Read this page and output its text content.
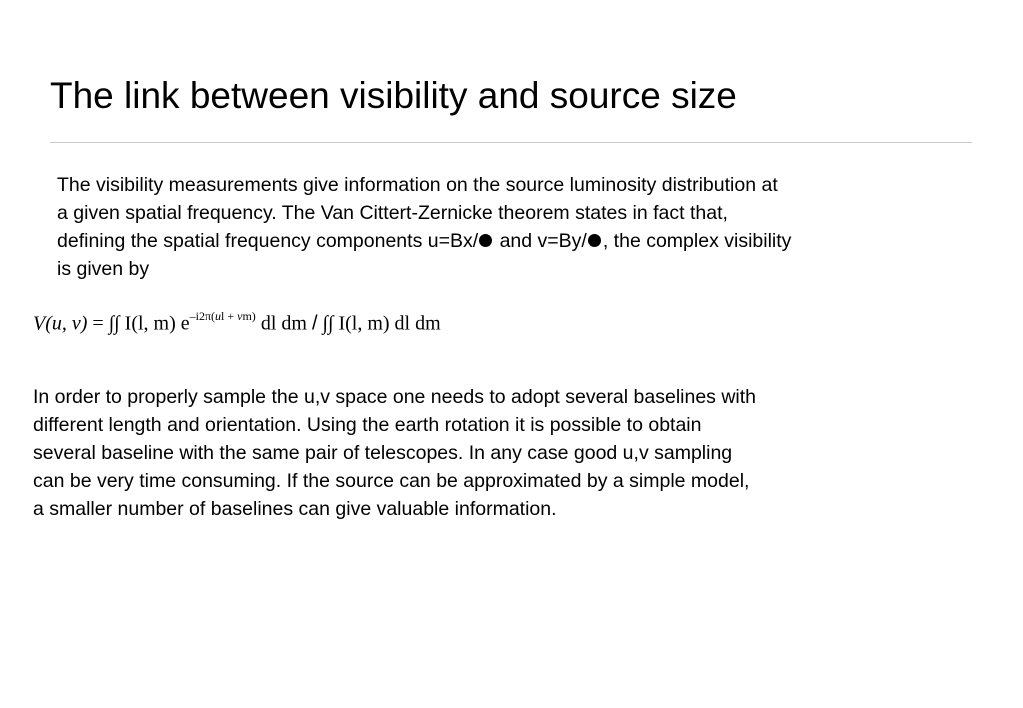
The link between visibility and source size

The visibility measurements give information on the source luminosity distribution at
a given spatial frequency. The Van Cittert-Zernicke theorem states in fact that,
defining the spatial frequency components u=Bx/ and v=By/ , the complex visibility
is given by

V(u, v) = ∫∫ I(l, m) $e^{-i2\pi(ul + vm)}$ dl dm / ∫∫ I(l, m) dl dm

In order to properly sample the u,v space one needs to adopt several baselines with
different length and orientation. Using the earth rotation it is possible to obtain
several baseline with the same pair of telescopes. In any case good u,v sampling
can be very time consuming. If the source can be approximated by a simple model,
a smaller number of baselines can give valuable information.
